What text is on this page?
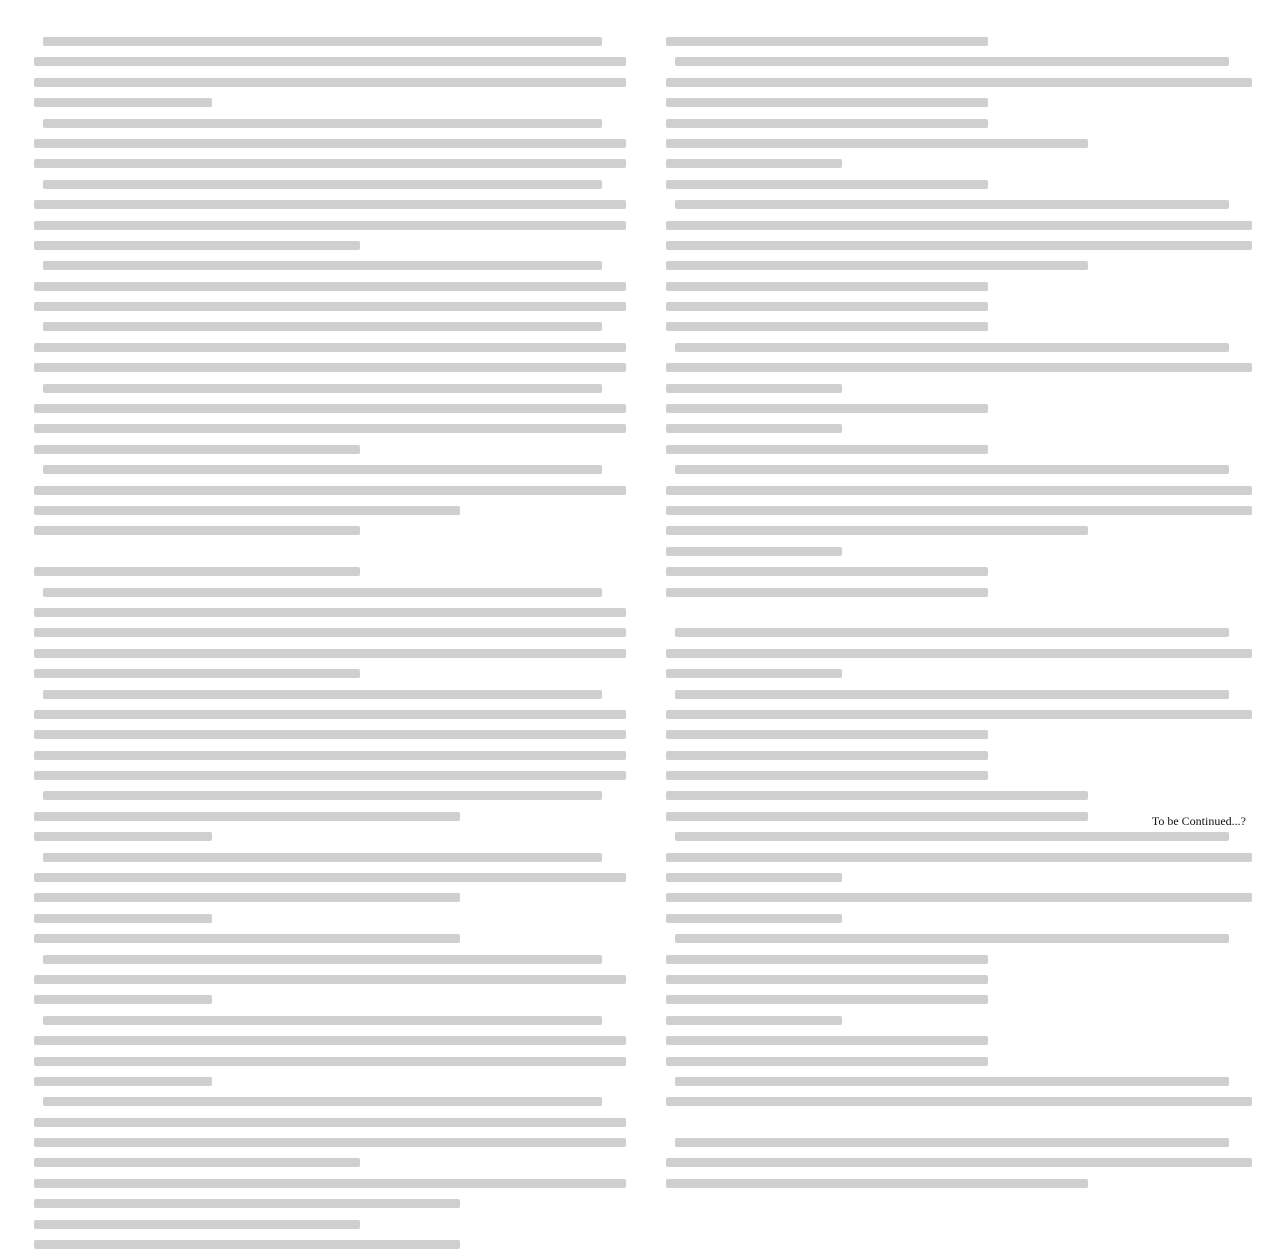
To be Continued...?
